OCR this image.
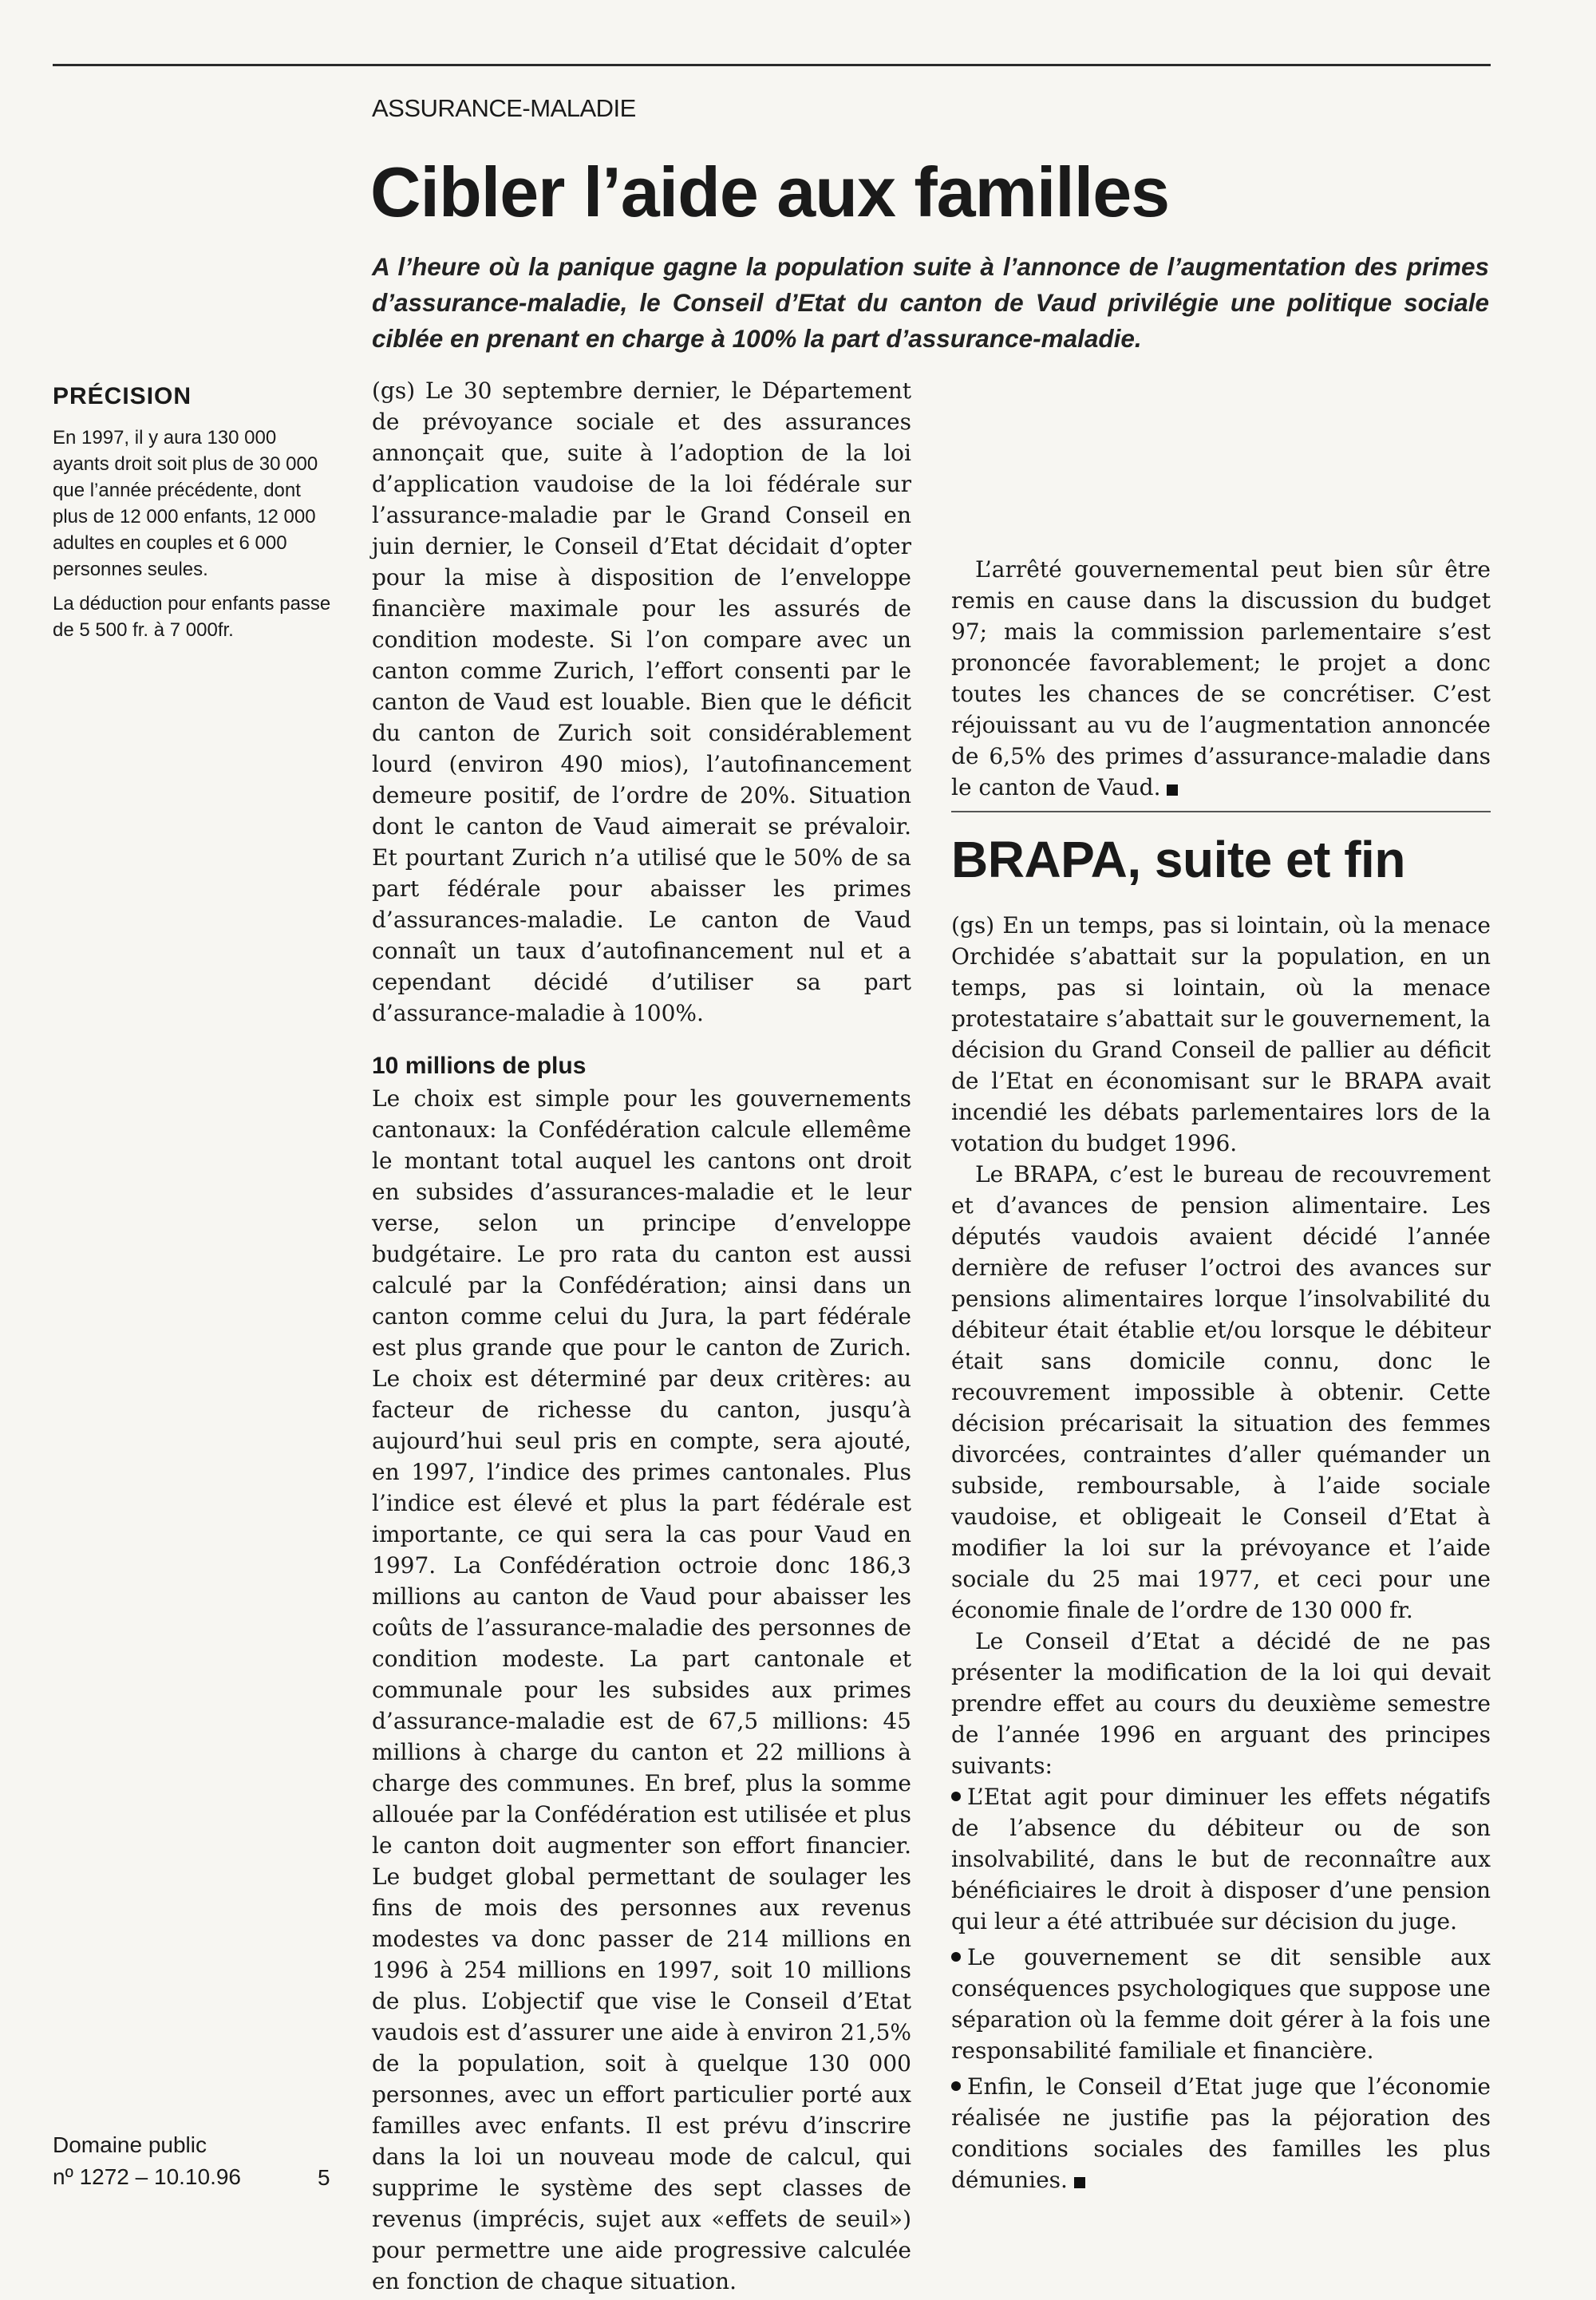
ASSURANCE-MALADIE
Cibler l’aide aux familles

A l’heure où la panique gagne la population suite à l’annonce de l’augmentation des primes d’assurance-maladie, le Conseil d’Etat du canton de Vaud privilégie une politique sociale ciblée en prenant en charge à 100% la part d’assurance-maladie.

PRÉCISION

En 1997, il y aura 130 000 ayants droit soit plus de 30 000 que l’année précédente, dont plus de 12 000 enfants, 12 000 adultes en couples et 6 000 personnes seules.

La déduction pour enfants passe de 5 500 fr. à 7 000fr.

(gs) Le 30 septembre dernier, le Département de prévoyance sociale et des assurances annonçait que, suite à l’adoption de la loi d’application vaudoise de la loi fédérale sur l’assurance-maladie par le Grand Conseil en juin dernier, le Conseil d’Etat décidait d’opter pour la mise à disposition de l’enveloppe financière maximale pour les assurés de condition modeste. Si l’on compare avec un canton comme Zurich, l’effort consenti par le canton de Vaud est louable. Bien que le déficit du canton de Zurich soit considérablement lourd (environ 490 mios), l’autofinancement demeure positif, de l’ordre de 20%. Situation dont le canton de Vaud aimerait se prévaloir. Et pourtant Zurich n’a utilisé que le 50% de sa part fédérale pour abaisser les primes d’assurances-maladie. Le canton de Vaud connaît un taux d’autofinancement nul et a cependant décidé d’utiliser sa part d’assurance-maladie à 100%.

10 millions de plus

Le choix est simple pour les gouvernements cantonaux: la Confédération calcule ellemême le montant total auquel les cantons ont droit en subsides d’assurances-maladie et le leur verse, selon un principe d’enveloppe budgétaire. Le pro rata du canton est aussi calculé par la Confédération; ainsi dans un canton comme celui du Jura, la part fédérale est plus grande que pour le canton de Zurich. Le choix est déterminé par deux critères: au facteur de richesse du canton, jusqu’à aujourd’hui seul pris en compte, sera ajouté, en 1997, l’indice des primes cantonales. Plus l’indice est élevé et plus la part fédérale est importante, ce qui sera la cas pour Vaud en 1997. La Confédération octroie donc 186,3 millions au canton de Vaud pour abaisser les coûts de l’assurance-maladie des personnes de condition modeste. La part cantonale et communale pour les subsides aux primes d’assurance-maladie est de 67,5 millions: 45 millions à charge du canton et 22 millions à charge des communes. En bref, plus la somme allouée par la Confédération est utilisée et plus le canton doit augmenter son effort financier. Le budget global permettant de soulager les fins de mois des personnes aux revenus modestes va donc passer de 214 millions en 1996 à 254 millions en 1997, soit 10 millions de plus. L’objectif que vise le Conseil d’Etat vaudois est d’assurer une aide à environ 21,5% de la population, soit à quelque 130 000 personnes, avec un effort particulier porté aux familles avec enfants. Il est prévu d’inscrire dans la loi un nouveau mode de calcul, qui supprime le système des sept classes de revenus (imprécis, sujet aux «effets de seuil») pour permettre une aide progressive calculée en fonction de chaque situation.

L’arrêté gouvernemental peut bien sûr être remis en cause dans la discussion du budget 97; mais la commission parlementaire s’est prononcée favorablement; le projet a donc toutes les chances de se concrétiser. C’est réjouissant au vu de l’augmentation annoncée de 6,5% des primes d’assurance-maladie dans le canton de Vaud.

BRAPA, suite et fin

(gs) En un temps, pas si lointain, où la menace Orchidée s’abattait sur la population, en un temps, pas si lointain, où la menace protestataire s’abattait sur le gouvernement, la décision du Grand Conseil de pallier au déficit de l’Etat en économisant sur le BRAPA avait incendié les débats parlementaires lors de la votation du budget 1996.

Le BRAPA, c’est le bureau de recouvrement et d’avances de pension alimentaire. Les députés vaudois avaient décidé l’année dernière de refuser l’octroi des avances sur pensions alimentaires lorque l’insolvabilité du débiteur était établie et/ou lorsque le débiteur était sans domicile connu, donc le recouvrement impossible à obtenir. Cette décision précarisait la situation des femmes divorcées, contraintes d’aller quémander un subside, remboursable, à l’aide sociale vaudoise, et obligeait le Conseil d’Etat à modifier la loi sur la prévoyance et l’aide sociale du 25 mai 1977, et ceci pour une économie finale de l’ordre de 130 000 fr.

Le Conseil d’Etat a décidé de ne pas présenter la modification de la loi qui devait prendre effet au cours du deuxième semestre de l’année 1996 en arguant des principes suivants:

L’Etat agit pour diminuer les effets négatifs de l’absence du débiteur ou de son insolvabilité, dans le but de reconnaître aux bénéficiaires le droit à disposer d’une pension qui leur a été attribuée sur décision du juge.
Le gouvernement se dit sensible aux conséquences psychologiques que suppose une séparation où la femme doit gérer à la fois une responsabilité familiale et financière.
Enfin, le Conseil d’Etat juge que l’économie réalisée ne justifie pas la péjoration des conditions sociales des familles les plus démunies.
Domaine public
nº 1272 – 10.10.96	5
